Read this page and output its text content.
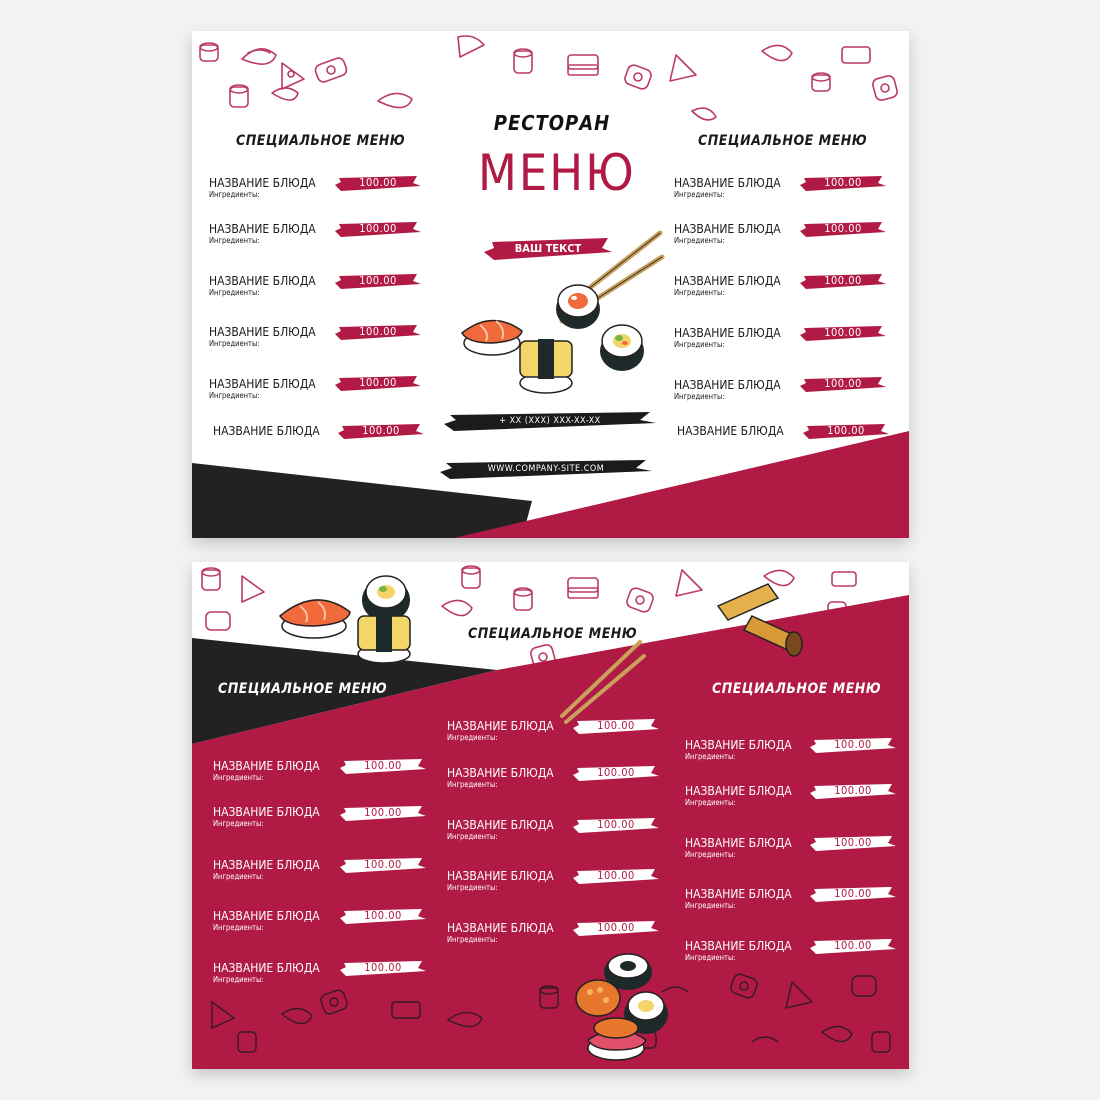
СПЕЦИАЛЬНОЕ МЕНЮ	СПЕЦИАЛЬНОЕ МЕНЮ
НАЗВАНИЕ БЛЮДА
Ингредиенты:
100.00
НАЗВАНИЕ БЛЮДА
Ингредиенты:
100.00
НАЗВАНИЕ БЛЮДА
Ингредиенты:
100.00
НАЗВАНИЕ БЛЮДА
Ингредиенты:
100.00
НАЗВАНИЕ БЛЮДА
Ингредиенты:
100.00
НАЗВАНИЕ БЛЮДА	100.00
НАЗВАНИЕ БЛЮДА
Ингредиенты:
100.00
НАЗВАНИЕ БЛЮДА
Ингредиенты:
100.00
НАЗВАНИЕ БЛЮДА
Ингредиенты:
100.00
НАЗВАНИЕ БЛЮДА
Ингредиенты:
100.00
НАЗВАНИЕ БЛЮДА
Ингредиенты:
100.00
НАЗВАНИЕ БЛЮДА	100.00
РЕСТОРАН
МЕНЮ
ВАШ ТЕКСТ
+ XX (XXX) XXX-XX-XX
WWW.COMPANY-SITE.COM
СПЕЦИАЛЬНОЕ МЕНЮ
СПЕЦИАЛЬНОЕ МЕНЮ	СПЕЦИАЛЬНОЕ МЕНЮ
НАЗВАНИЕ БЛЮДА
Ингредиенты:
100.00
НАЗВАНИЕ БЛЮДА
Ингредиенты:
100.00
НАЗВАНИЕ БЛЮДА
Ингредиенты:
100.00
НАЗВАНИЕ БЛЮДА
Ингредиенты:
100.00
НАЗВАНИЕ БЛЮДА
Ингредиенты:
100.00
НАЗВАНИЕ БЛЮДА
Ингредиенты:
100.00
НАЗВАНИЕ БЛЮДА
Ингредиенты:
100.00
НАЗВАНИЕ БЛЮДА
Ингредиенты:
100.00
НАЗВАНИЕ БЛЮДА
Ингредиенты:
100.00
НАЗВАНИЕ БЛЮДА
Ингредиенты:
100.00
НАЗВАНИЕ БЛЮДА
Ингредиенты:
100.00
НАЗВАНИЕ БЛЮДА
Ингредиенты:
100.00
НАЗВАНИЕ БЛЮДА
Ингредиенты:
100.00
НАЗВАНИЕ БЛЮДА
Ингредиенты:
100.00
НАЗВАНИЕ БЛЮДА
Ингредиенты:
100.00
